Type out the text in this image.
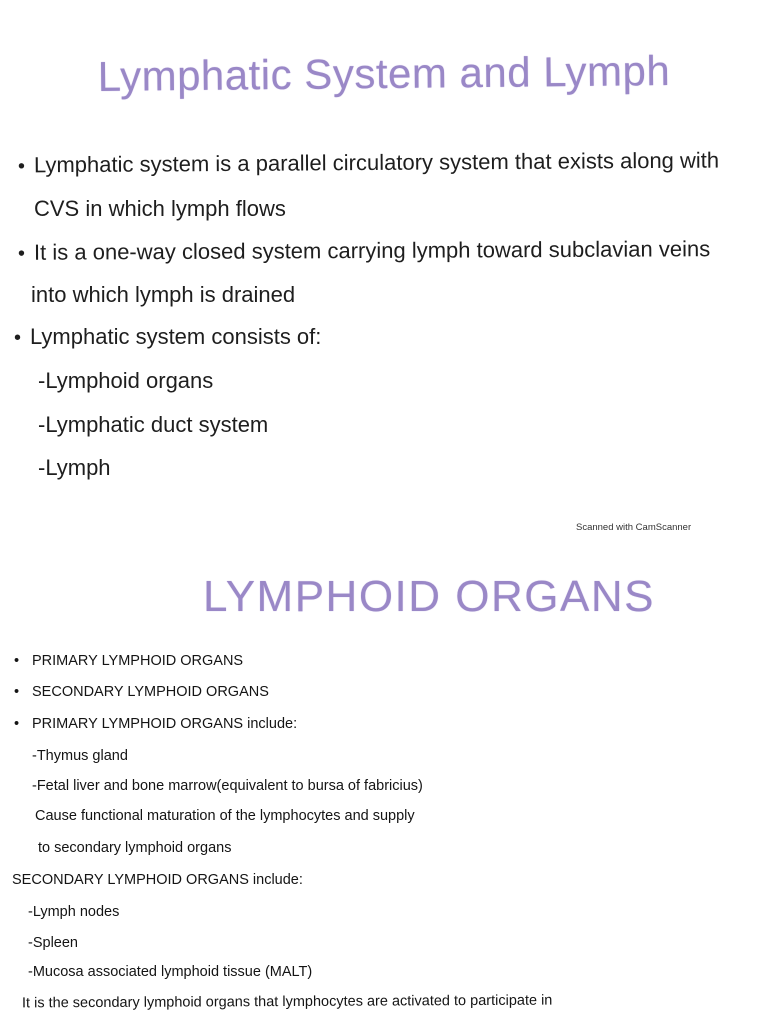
Lymphatic System and Lymph
• Lymphatic system is a parallel circulatory system that exists along with
CVS in which lymph flows
• It is a one-way closed system carrying lymph toward subclavian veins
into which lymph is drained
• Lymphatic system consists of:
-Lymphoid organs
-Lymphatic duct system
-Lymph
Scanned with CamScanner
LYMPHOID ORGANS
• PRIMARY LYMPHOID ORGANS
• SECONDARY LYMPHOID ORGANS
• PRIMARY LYMPHOID ORGANS include:
-Thymus gland
-Fetal liver and bone marrow(equivalent to bursa of fabricius)
Cause functional maturation of the lymphocytes and supply
to secondary lymphoid organs
SECONDARY LYMPHOID ORGANS include:
-Lymph nodes
-Spleen
-Mucosa associated lymphoid tissue (MALT)
It is the secondary lymphoid organs that lymphocytes are activated to participate in
